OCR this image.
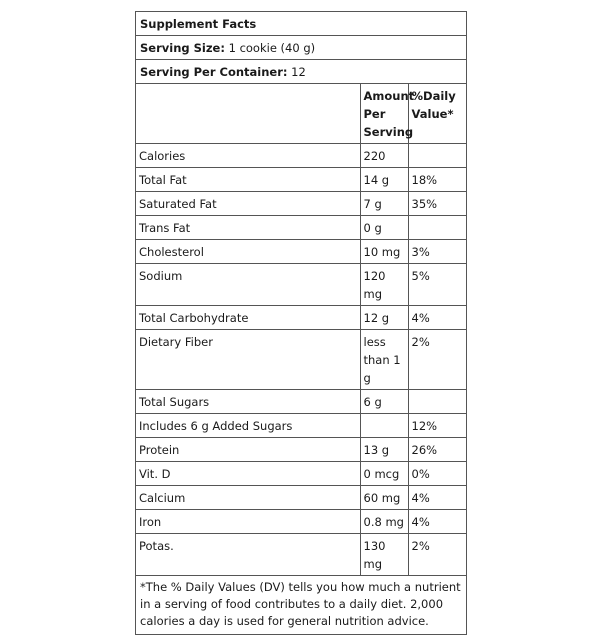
Supplement Facts
Serving Size: 1 cookie (40 g)
Serving Per Container: 12
	Amount Per Serving	%Daily Value*
Calories	220	
Total Fat	14 g	18%
Saturated Fat	7 g	35%
Trans Fat	0 g	
Cholesterol	10 mg	3%
Sodium	120 mg	5%
Total Carbohydrate	12 g	4%
Dietary Fiber	less than 1 g	2%
Total Sugars	6 g	
Includes 6 g Added Sugars		12%
Protein	13 g	26%
Vit. D	0 mcg	0%
Calcium	60 mg	4%
Iron	0.8 mg	4%
Potas.	130 mg	2%
*The % Daily Values (DV) tells you how much a nutrient in a serving of food contributes to a daily diet. 2,000 calories a day is used for general nutrition advice.
